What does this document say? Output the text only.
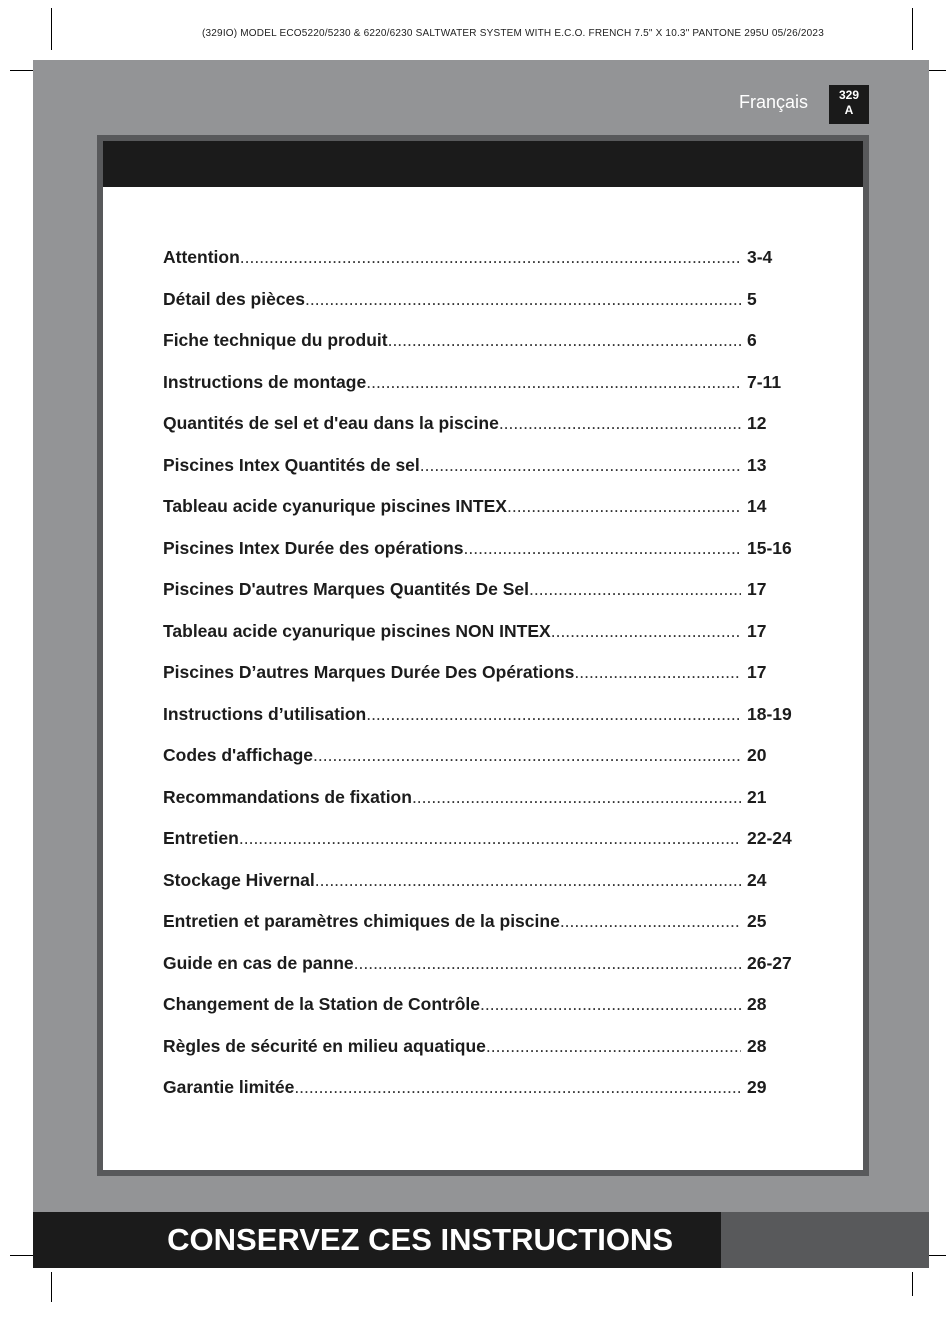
(329IO) MODEL ECO5220/5230 & 6220/6230 SALTWATER SYSTEM WITH E.C.O. FRENCH 7.5" X 10.3" PANTONE 295U 05/26/2023
Français	329
A
Attention .....	3-4
Détail des pièces .....	5
Fiche technique du produit .....	6
Instructions de montage .....	7-11
Quantités de sel et d'eau dans la piscine .....	12
Piscines Intex Quantités de sel .....	13
Tableau acide cyanurique piscines INTEX .....	14
Piscines Intex Durée des opérations .....	15-16
Piscines D'autres Marques Quantités De Sel .....	17
Tableau acide cyanurique piscines NON INTEX .....	17
Piscines D’autres Marques Durée Des Opérations .....	17
Instructions d’utilisation .....	18-19
Codes d'affichage .....	20
Recommandations de fixation .....	21
Entretien .....	22-24
Stockage Hivernal .....	24
Entretien et paramètres chimiques de la piscine .....	25
Guide en cas de panne .....	26-27
Changement de la Station de Contrôle .....	28
Règles de sécurité en milieu aquatique .....	28
Garantie limitée .....	29
CONSERVEZ CES INSTRUCTIONS
